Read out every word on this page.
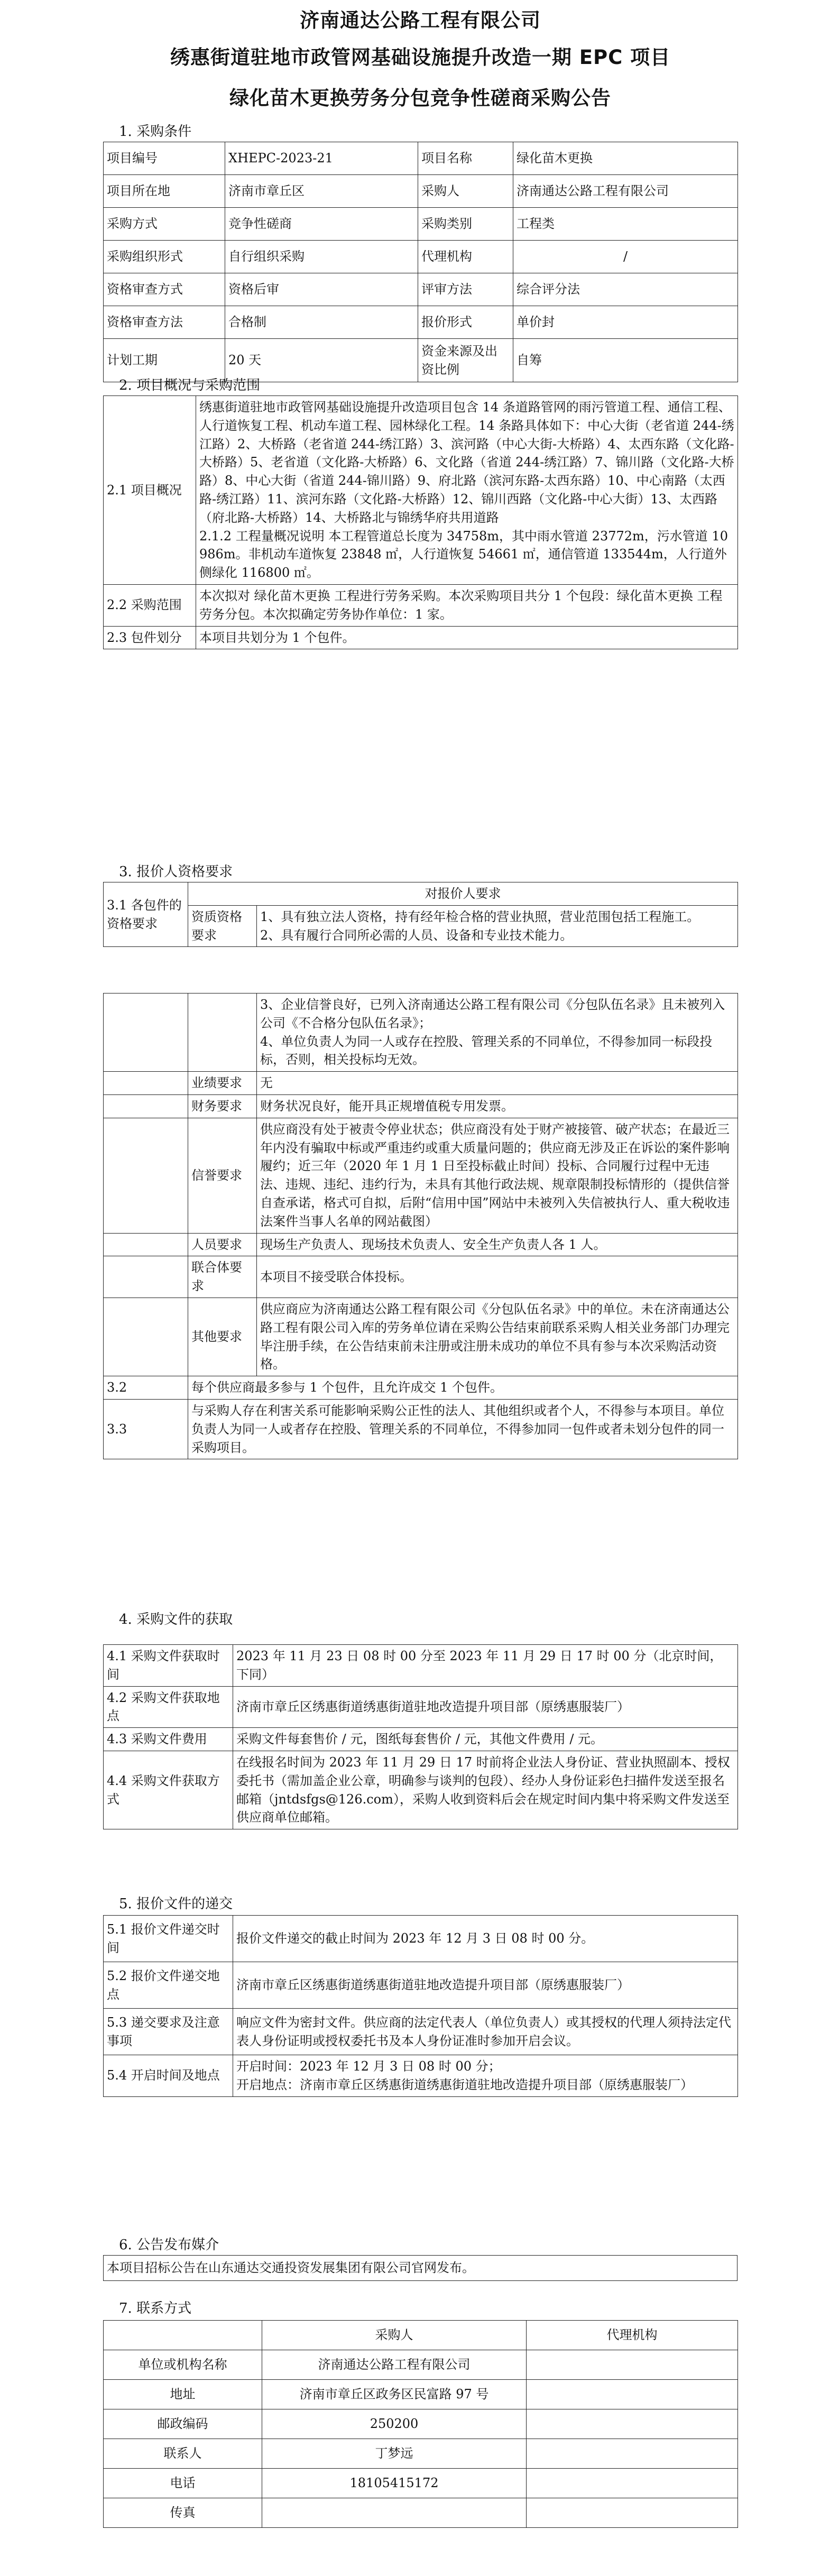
济南通达公路工程有限公司
绣惠街道驻地市政管网基础设施提升改造一期 EPC 项目
绿化苗木更换劳务分包竞争性磋商采购公告
1. 采购条件
项目编号	XHEPC-2023-21	项目名称	绿化苗木更换
项目所在地	济南市章丘区	采购人	济南通达公路工程有限公司
采购方式	竞争性磋商	采购类别	工程类
采购组织形式	自行组织采购	代理机构	/
资格审查方式	资格后审	评审方法	综合评分法
资格审查方法	合格制	报价形式	单价封
计划工期	20 天	资金来源及出资比例	自筹
2. 项目概况与采购范围
2.1 项目概况	绣惠街道驻地市政管网基础设施提升改造项目包含 14 条道路管网的雨污管道工程、通信工程、人行道恢复工程、机动车道工程、园林绿化工程。14 条路具体如下：中心大街（老省道 244-绣江路）2、大桥路（老省道 244-绣江路）3、滨河路（中心大街-大桥路）4、太西东路（文化路-大桥路）5、老省道（文化路-大桥路）6、文化路（省道 244-绣江路）7、锦川路（文化路-大桥路）8、中心大街（省道 244-锦川路）9、府北路（滨河东路-太西东路）10、中心南路（太西路-绣江路）11、滨河东路（文化路-大桥路）12、锦川西路（文化路-中心大街）13、太西路（府北路-大桥路）14、大桥路北与锦绣华府共用道路
2.1.2 工程量概况说明 本工程管道总长度为 34758m，其中雨水管道 23772m，污水管道 10986m。非机动车道恢复 23848 ㎡，人行道恢复 54661 ㎡，通信管道 133544m，人行道外侧绿化 116800 ㎡。

2.2 采购范围	本次拟对 绿化苗木更换 工程进行劳务采购。本次采购项目共分 1 个包段：绿化苗木更换 工程劳务分包。本次拟确定劳务协作单位：1 家。
2.3 包件划分	本项目共划分为 1 个包件。
3. 报价人资格要求
3.1 各包件的资格要求	对报价人要求	
	资质资格要求	1、具有独立法人资格，持有经年检合格的营业执照，营业范围包括工程施工。
2、具有履行合同所必需的人员、设备和专业技术能力。

		3、企业信誉良好，已列入济南通达公路工程有限公司《分包队伍名录》且未被列入公司《不合格分包队伍名录》；
4、单位负责人为同一人或存在控股、管理关系的不同单位，不得参加同一标段投标，否则，相关投标均无效。

	业绩要求	无
	财务要求	财务状况良好，能开具正规增值税专用发票。
	信誉要求	供应商没有处于被责令停业状态；供应商没有处于财产被接管、破产状态；在最近三年内没有骗取中标或严重违约或重大质量问题的；供应商无涉及正在诉讼的案件影响履约；近三年（2020 年 1 月 1 日至投标截止时间）投标、合同履行过程中无违法、违规、违纪、违约行为，未具有其他行政法规、规章限制投标情形的（提供信誉自查承诺，格式可自拟，后附“信用中国”网站中未被列入失信被执行人、重大税收违法案件当事人名单的网站截图）
	人员要求	现场生产负责人、现场技术负责人、安全生产负责人各 1 人。
	联合体要求	本项目不接受联合体投标。
	其他要求	供应商应为济南通达公路工程有限公司《分包队伍名录》中的单位。未在济南通达公路工程有限公司入库的劳务单位请在采购公告结束前联系采购人相关业务部门办理完毕注册手续，在公告结束前未注册或注册未成功的单位不具有参与本次采购活动资格。
3.2	每个供应商最多参与 1 个包件，且允许成交 1 个包件。	
3.3	与采购人存在利害关系可能影响采购公正性的法人、其他组织或者个人，不得参与本项目。单位负责人为同一人或者存在控股、管理关系的不同单位，不得参加同一包件或者未划分包件的同一采购项目。	
4. 采购文件的获取
4.1 采购文件获取时间	2023 年 11 月 23 日 08 时 00 分至 2023 年 11 月 29 日 17 时 00 分（北京时间，下同）
4.2 采购文件获取地点	济南市章丘区绣惠街道绣惠街道驻地改造提升项目部（原绣惠服装厂）
4.3 采购文件费用	采购文件每套售价 / 元，图纸每套售价 / 元，其他文件费用 / 元。
4.4 采购文件获取方式	在线报名时间为 2023 年 11 月 29 日 17 时前将企业法人身份证、营业执照副本、授权委托书（需加盖企业公章，明确参与谈判的包段）、经办人身份证彩色扫描件发送至报名邮箱（jntdsfgs@126.com），采购人收到资料后会在规定时间内集中将采购文件发送至供应商单位邮箱。
5. 报价文件的递交
5.1 报价文件递交时间	报价文件递交的截止时间为 2023 年 12 月 3 日 08 时 00 分。
5.2 报价文件递交地点	济南市章丘区绣惠街道绣惠街道驻地改造提升项目部（原绣惠服装厂）
5.3 递交要求及注意事项	响应文件为密封文件。供应商的法定代表人（单位负责人）或其授权的代理人须持法定代表人身份证明或授权委托书及本人身份证准时参加开启会议。
5.4 开启时间及地点	开启时间：2023 年 12 月 3 日 08 时 00 分；
开启地点：济南市章丘区绣惠街道绣惠街道驻地改造提升项目部（原绣惠服装厂）
6. 公告发布媒介
本项目招标公告在山东通达交通投资发展集团有限公司官网发布。
7. 联系方式
	采购人	代理机构
单位或机构名称	济南通达公路工程有限公司	
地址	济南市章丘区政务区民富路 97 号	
邮政编码	250200	
联系人	丁梦远	
电话	18105415172	
传真		
